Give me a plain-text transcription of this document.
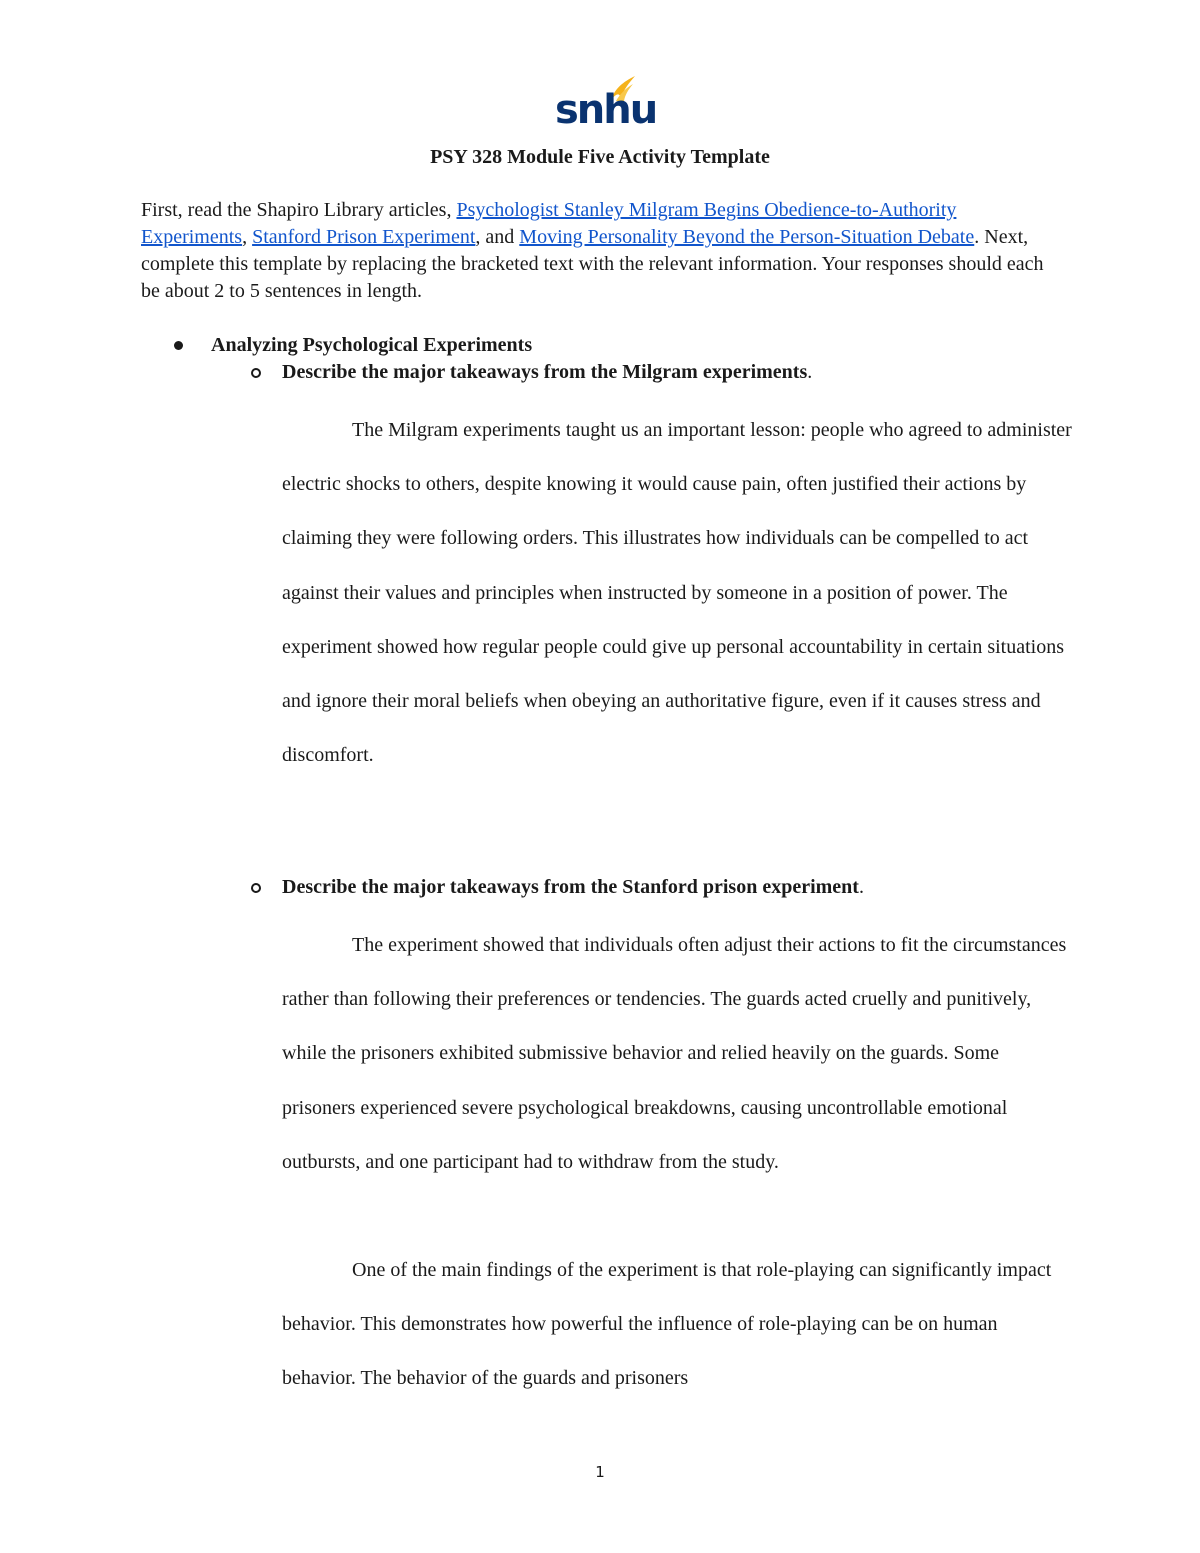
snhu
PSY 328 Module Five Activity Template
First, read the Shapiro Library articles, Psychologist Stanley Milgram Begins Obedience-to-Authority Experiments, Stanford Prison Experiment, and Moving Personality Beyond the Person-Situation Debate. Next, complete this template by replacing the bracketed text with the relevant information. Your responses should each be about 2 to 5 sentences in length.
Analyzing Psychological Experiments
Describe the major takeaways from the Milgram experiments.

The Milgram experiments taught us an important lesson: people who agreed to administer electric shocks to others, despite knowing it would cause pain, often justified their actions by claiming they were following orders. This illustrates how individuals can be compelled to act against their values and principles when instructed by someone in a position of power. The experiment showed how regular people could give up personal accountability in certain situations and ignore their moral beliefs when obeying an authoritative figure, even if it causes stress and discomfort.

Describe the major takeaways from the Stanford prison experiment.

The experiment showed that individuals often adjust their actions to fit the circumstances rather than following their preferences or tendencies. The guards acted cruelly and punitively, while the prisoners exhibited submissive behavior and relied heavily on the guards. Some prisoners experienced severe psychological breakdowns, causing uncontrollable emotional outbursts, and one participant had to withdraw from the study.

One of the main findings of the experiment is that role-playing can significantly impact behavior. This demonstrates how powerful the influence of role-playing can be on human behavior. The behavior of the guards and prisoners

1
